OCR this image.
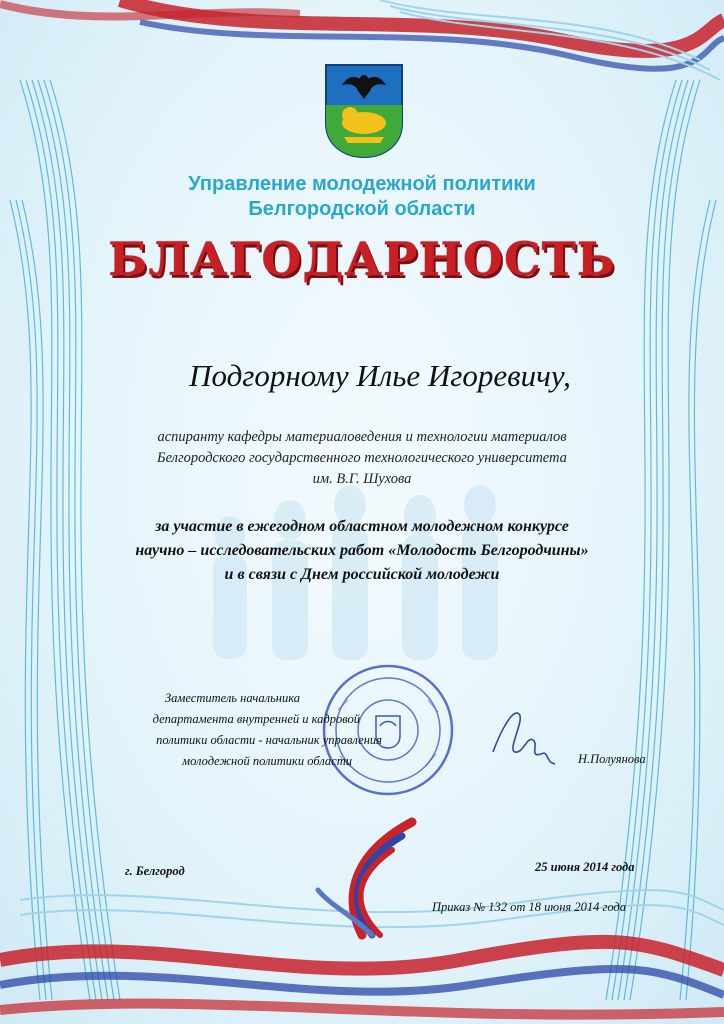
Управление молодежной политики
Белгородской области
БЛАГОДАРНОСТЬ
Подгорному Илье Игоревичу,
аспиранту кафедры материаловедения и технологии материалов
Белгородского государственного технологического университета
им. В.Г. Шухова
за участие в ежегодном областном молодежном конкурсе
научно – исследовательских работ «Молодость Белгородчины»
и в связи с Днем российской молодежи
Заместитель начальника
департамента внутренней и кадровой
политики области - начальник управления
молодежной политики области	Н.Полуянова
г. Белгород	25 июня 2014 года
Приказ № 132 от 18 июня 2014 года
